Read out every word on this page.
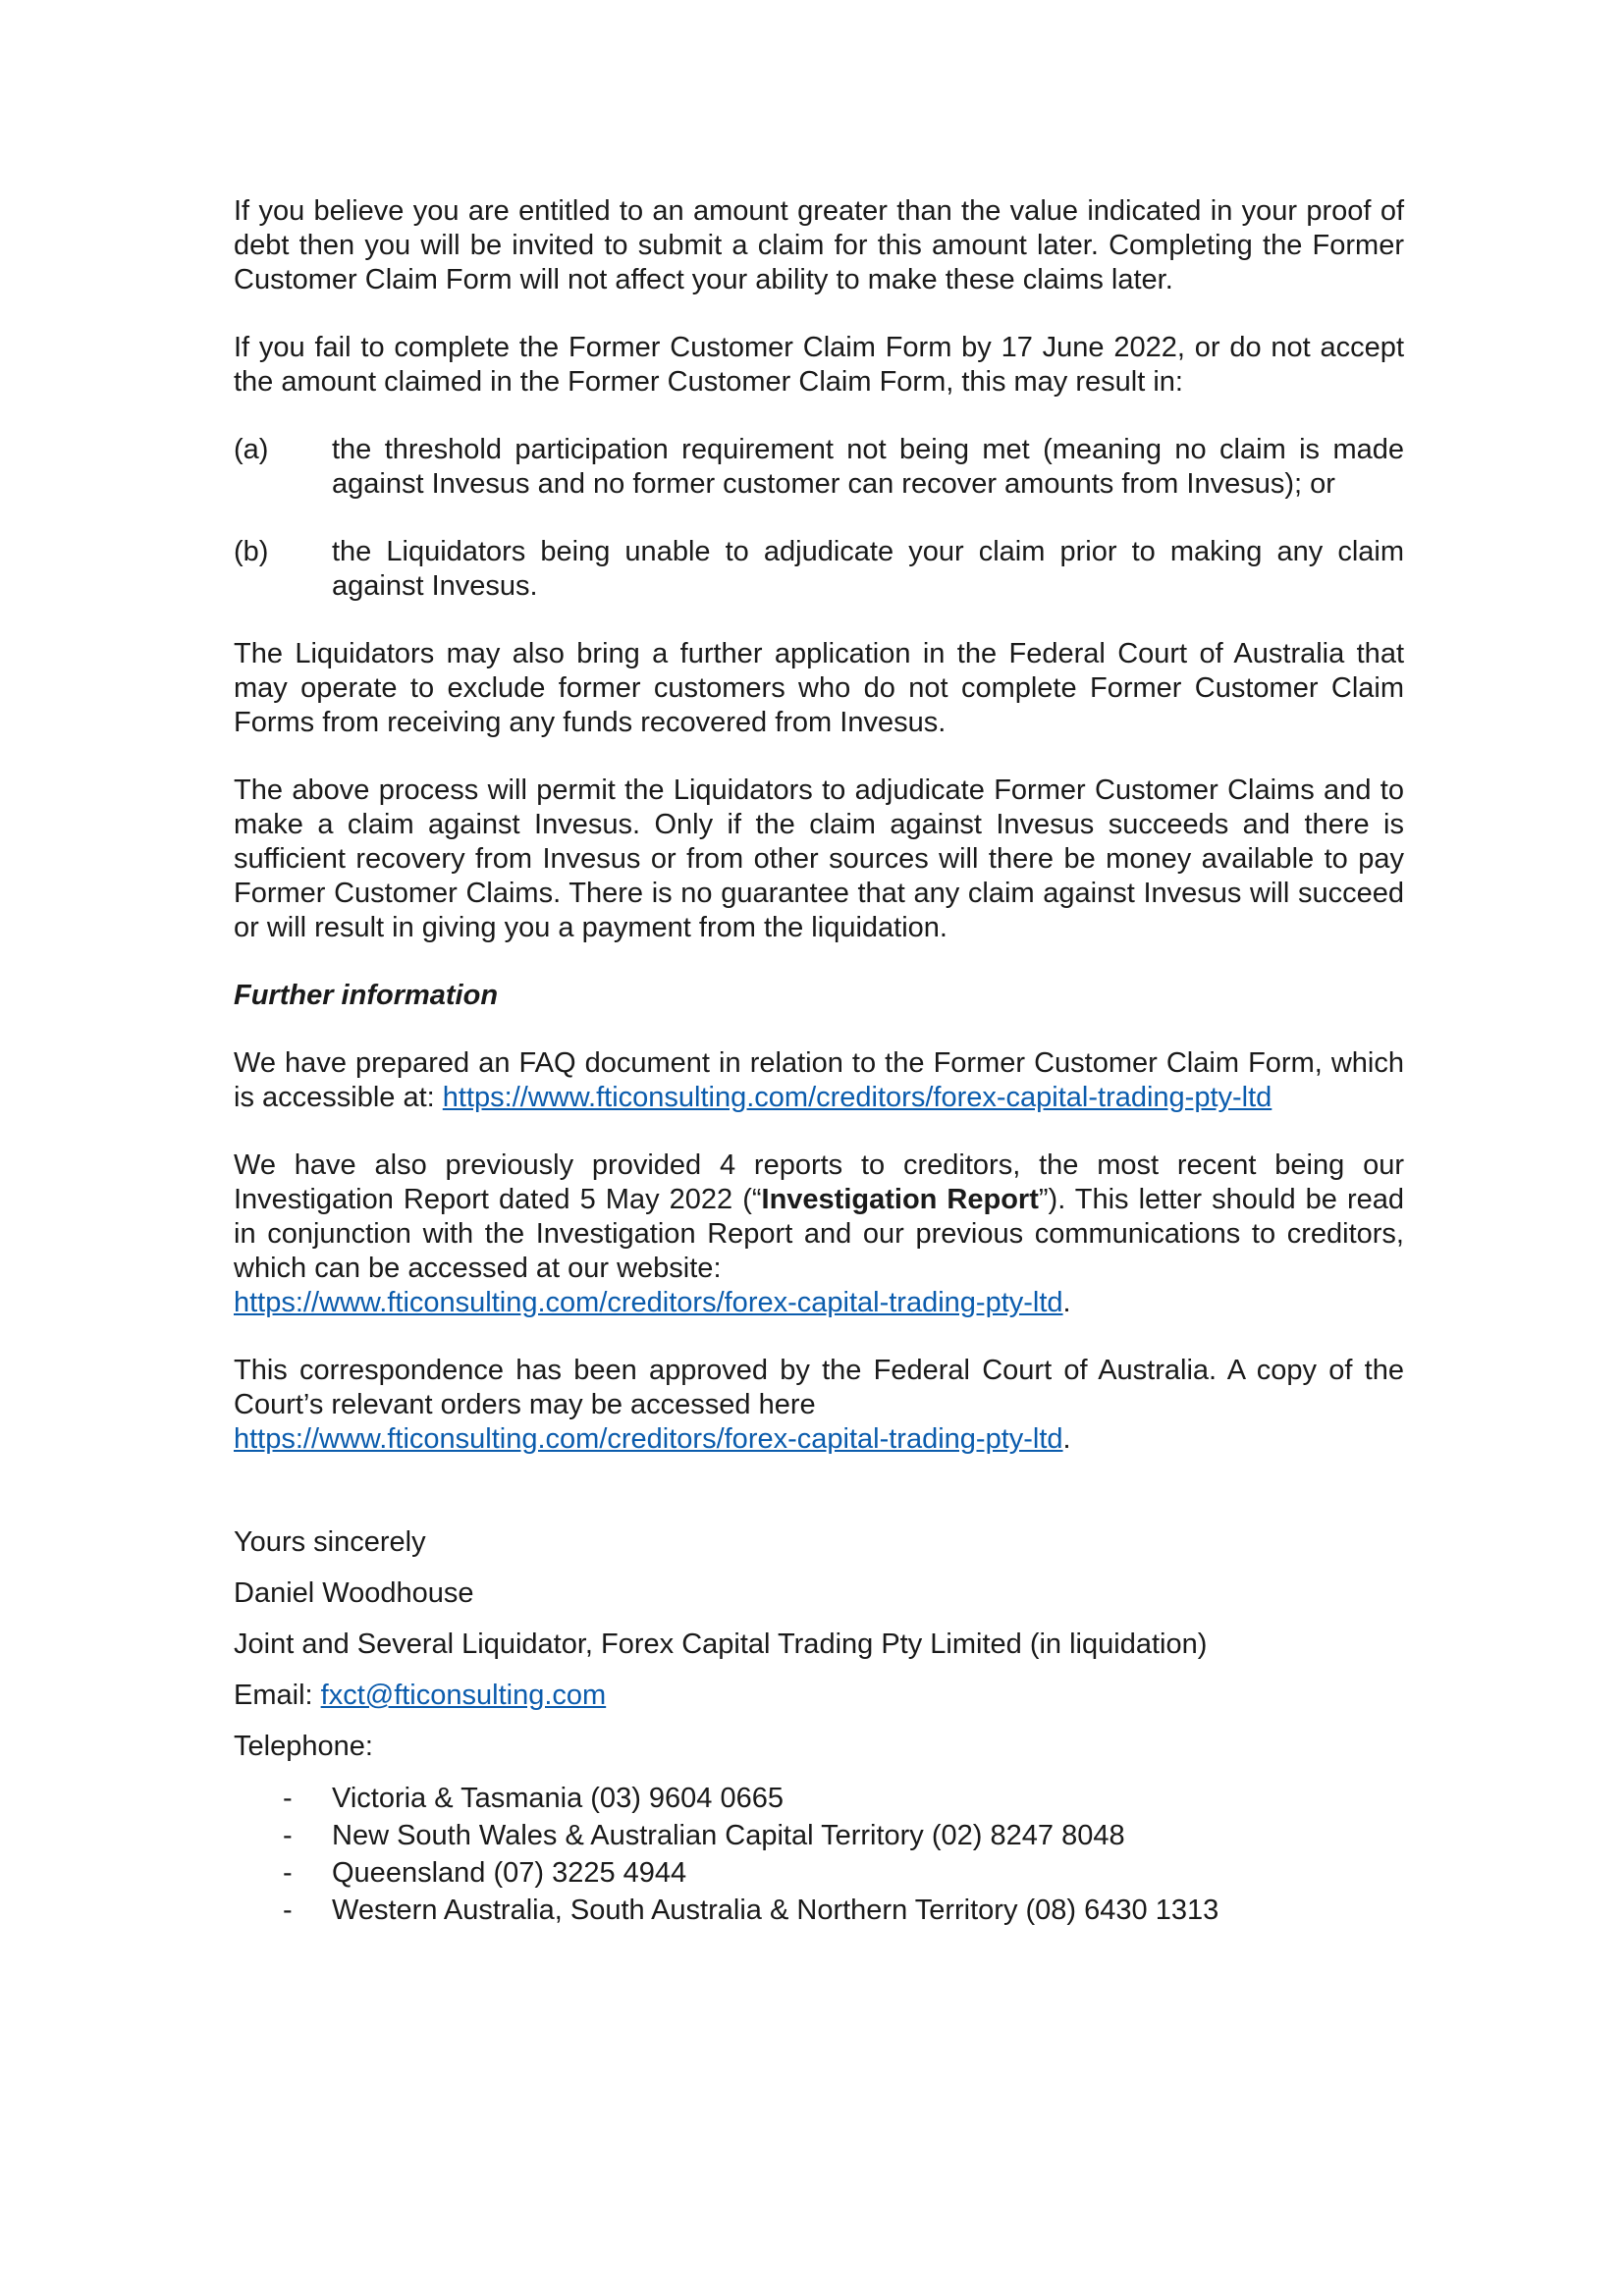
If you believe you are entitled to an amount greater than the value indicated in your proof of debt then you will be invited to submit a claim for this amount later. Completing the Former Customer Claim Form will not affect your ability to make these claims later.

If you fail to complete the Former Customer Claim Form by 17 June 2022, or do not accept the amount claimed in the Former Customer Claim Form, this may result in:

(a)	the threshold participation requirement not being met (meaning no claim is made against Invesus and no former customer can recover amounts from Invesus); or
(b)	the Liquidators being unable to adjudicate your claim prior to making any claim against Invesus.

The Liquidators may also bring a further application in the Federal Court of Australia that may operate to exclude former customers who do not complete Former Customer Claim Forms from receiving any funds recovered from Invesus.

The above process will permit the Liquidators to adjudicate Former Customer Claims and to make a claim against Invesus. Only if the claim against Invesus succeeds and there is sufficient recovery from Invesus or from other sources will there be money available to pay Former Customer Claims. There is no guarantee that any claim against Invesus will succeed or will result in giving you a payment from the liquidation.

Further information

We have prepared an FAQ document in relation to the Former Customer Claim Form, which is accessible at: https://www.fticonsulting.com/creditors/forex-capital-trading-pty-ltd

We have also previously provided 4 reports to creditors, the most recent being our Investigation Report dated 5 May 2022 (“Investigation Report”). This letter should be read in conjunction with the Investigation Report and our previous communications to creditors, which can be accessed at our website:
https://www.fticonsulting.com/creditors/forex-capital-trading-pty-ltd.

This correspondence has been approved by the Federal Court of Australia. A copy of the Court’s relevant orders may be accessed here
https://www.fticonsulting.com/creditors/forex-capital-trading-pty-ltd.

Yours sincerely
Daniel Woodhouse
Joint and Several Liquidator, Forex Capital Trading Pty Limited (in liquidation)
Email: fxct@fticonsulting.com
Telephone:
-	Victoria & Tasmania (03) 9604 0665
-	New South Wales & Australian Capital Territory (02) 8247 8048
-	Queensland (07) 3225 4944
-	Western Australia, South Australia & Northern Territory (08) 6430 1313
